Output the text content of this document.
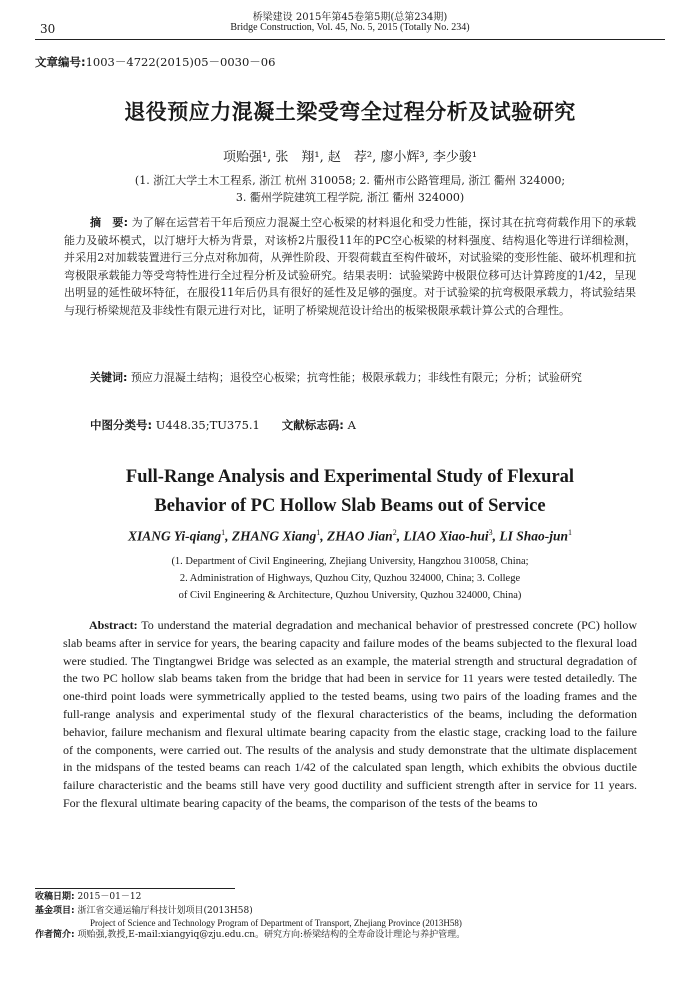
30
桥梁建设 2015年第45卷第5期(总第234期)
Bridge Construction, Vol. 45, No. 5, 2015 (Totally No. 234)
文章编号:1003－4722(2015)05－0030－06
退役预应力混凝土梁受弯全过程分析及试验研究
项贻强¹, 张　翔¹, 赵　荐², 廖小辉³, 李少骏¹
(1. 浙江大学土木工程系, 浙江 杭州 310058; 2. 衢州市公路管理局, 浙江 衢州 324000;
3. 衢州学院建筑工程学院, 浙江 衢州 324000)
摘　要: 为了解在运营若干年后预应力混凝土空心板梁的材料退化和受力性能，探讨其在抗弯荷载作用下的承载能力及破坏模式，以汀塘圩大桥为背景，对该桥2片服役11年的PC空心板梁的材料强度、结构退化等进行详细检测，并采用2对加载装置进行三分点对称加荷，从弹性阶段、开裂荷载直至构件破坏，对试验梁的变形性能、破坏机理和抗弯极限承载能力等受弯特性进行全过程分析及试验研究。结果表明：试验梁跨中极限位移可达计算跨度的1/42，呈现出明显的延性破坏特征，在服役11年后仍具有很好的延性及足够的强度。对于试验梁的抗弯极限承载力，将试验结果与现行桥梁规范及非线性有限元进行对比，证明了桥梁规范设计给出的板梁极限承载计算公式的合理性。
关键词: 预应力混凝土结构；退役空心板梁；抗弯性能；极限承载力；非线性有限元；分析；试验研究
中图分类号: U448.35;TU375.1 文献标志码: A
Full-Range Analysis and Experimental Study of Flexural
Behavior of PC Hollow Slab Beams out of Service
XIANG Yi-qiang$^1$, ZHANG Xiang$^1$, ZHAO Jian$^2$, LIAO Xiao-hui$^3$, LI Shao-jun$^1$
(1. Department of Civil Engineering, Zhejiang University, Hangzhou 310058, China;
2. Administration of Highways, Quzhou City, Quzhou 324000, China; 3. College
of Civil Engineering & Architecture, Quzhou University, Quzhou 324000, China)
Abstract: To understand the material degradation and mechanical behavior of prestressed concrete (PC) hollow slab beams after in service for years, the bearing capacity and failure modes of the beams subjected to the flexural load were studied. The Tingtangwei Bridge was selected as an example, the material strength and structural degradation of the two PC hollow slab beams taken from the bridge that had been in service for 11 years were tested detailedly. The one-third point loads were symmetrically applied to the tested beams, using two pairs of the loading frames and the full-range analysis and experimental study of the flexural characteristics of the beams, including the deformation behavior, failure mechanism and flexural ultimate bearing capacity from the elastic stage, cracking load to the failure of the components, were carried out. The results of the analysis and study demonstrate that the ultimate displacement in the midspans of the tested beams can reach 1/42 of the calculated span length, which exhibits the obvious ductile failure characteristic and the beams still have very good ductility and sufficient strength after in service for 11 years. For the flexural ultimate bearing capacity of the beams, the comparison of the tests of the beams to
收稿日期: 2015－01－12
基金项目: 浙江省交通运输厅科技计划项目(2013H58)
Project of Science and Technology Program of Department of Transport, Zhejiang Province (2013H58)
作者简介: 项贻强,教授,E-mail:xiangyiq@zju.edu.cn。研究方向:桥梁结构的全寿命设计理论与养护管理。
